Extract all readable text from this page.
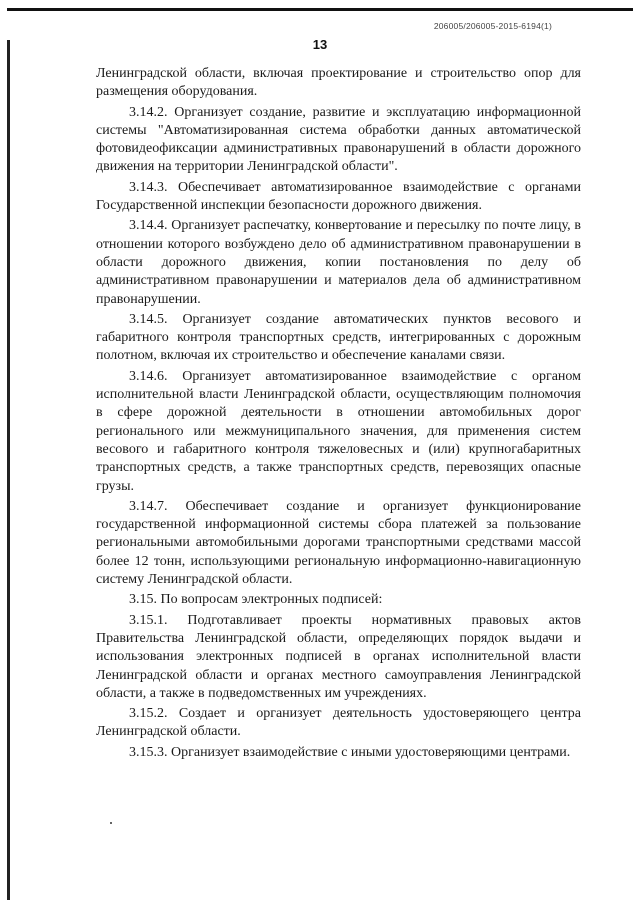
206005/206005-2015-6194(1)
13

Ленинградской области, включая проектирование и строительство опор для размещения оборудования.

3.14.2. Организует создание, развитие и эксплуатацию информационной системы "Автоматизированная система обработки данных автоматической фотовидеофиксации административных правонарушений в области дорожного движения на территории Ленинградской области".

3.14.3. Обеспечивает автоматизированное взаимодействие с органами Государственной инспекции безопасности дорожного движения.

3.14.4. Организует распечатку, конвертование и пересылку по почте лицу, в отношении которого возбуждено дело об административном правонарушении в области дорожного движения, копии постановления по делу об административном правонарушении и материалов дела об административном правонарушении.

3.14.5. Организует создание автоматических пунктов весового и габаритного контроля транспортных средств, интегрированных с дорожным полотном, включая их строительство и обеспечение каналами связи.

3.14.6. Организует автоматизированное взаимодействие с органом исполнительной власти Ленинградской области, осуществляющим полномочия в сфере дорожной деятельности в отношении автомобильных дорог регионального или межмуниципального значения, для применения систем весового и габаритного контроля тяжеловесных и (или) крупногабаритных транспортных средств, а также транспортных средств, перевозящих опасные грузы.

3.14.7. Обеспечивает создание и организует функционирование государственной информационной системы сбора платежей за пользование региональными автомобильными дорогами транспортными средствами массой более 12 тонн, использующими региональную информационно-навигационную систему Ленинградской области.

3.15. По вопросам электронных подписей:

3.15.1. Подготавливает проекты нормативных правовых актов Правительства Ленинградской области, определяющих порядок выдачи и использования электронных подписей в органах исполнительной власти Ленинградской области и органах местного самоуправления Ленинградской области, а также в подведомственных им учреждениях.

3.15.2. Создает и организует деятельность удостоверяющего центра Ленинградской области.

3.15.3. Организует взаимодействие с иными удостоверяющими центрами.
